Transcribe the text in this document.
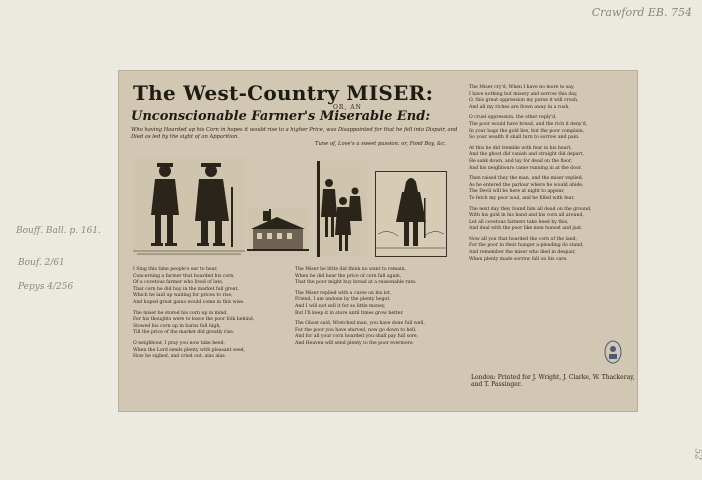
Crawford EB. 754
Bouff. Ball. p. 161.
Bouf. 2/61
Pepys 4/256
52
The West-Country MISER:
OR, AN
Unconscionable Farmer's Miserable End:
Who having Hoarded up his Corn in hopes it would rise to a higher Price, was Disappointed for that he fell into Dispair, and Died as led by the sight of an Apparition.
Tune of, Love's a sweet passion: or, Fond Boy, &c.

I Sing this time people's ear to hear,
Concerning a farmer that hoarded his corn,
Of a covetous farmer who lived of late,
That corn he did buy in the market full great,
Which he laid up waiting for prices to rise,
And hoped great gains would come in this wise.

The miser he stored his corn up in mind,
For his thoughts were to leave the poor folk behind,
Stowed his corn up in barns full high,
Till the price of the market did greatly rise.

O neighbour, I pray you now take heed,
When the Lord sends plenty with pleasant seed,
How he sighed, and cried out, alas alas.

The Miser he little did think no want to remain,
When he did hear the price of corn fall again,
That the poor might buy bread at a reasonable rate.

The Miser replied with a curse on his lot,
Friend, I am undone by the plenty begot,
And I will not sell it for so little money,
But I'll keep it in store until times grow better.

The Ghost said, Wretched man, you have done full well,
For the poor you have starved, now go down to hell,
And for all your corn hoarded you shall pay full sore,
And Heaven will send plenty to the poor evermore.

The Miser cry'd, When I have no more to say,
I have nothing but misery and sorrow this day,
O, this great oppression my purse it will crush,
And all my riches are flown away in a rush.

O cruel oppression, the other reply'd,
The poor would have bread, and the rich it deny'd,
In your bags the gold lies, but the poor complain,
So your wealth it shall turn to sorrow and pain.

At this he did tremble with fear in his heart,
And the ghost did vanish and straight did depart,
He sank down, and lay for dead on the floor,
And his neighbours came running in at the door.

Then raised they the man, and the miser replied,
As he entered the parlour where he would abide,
The Devil will be here at night to appear,
To fetch my poor soul, and he filled with fear.

The next day they found him all dead on the ground,
With his gold in his hand and his corn all around,
Let all covetous farmers take heed by this,
And deal with the poor like men honest and just.

Now all you that hoarded the corn of the land,
For the poor in their hunger a-pleading do stand,
And remember the miser who died in despair,
When plenty made sorrow fall on his care.

London: Printed for J. Wright, J. Clarke, W. Thackeray, and T. Passinger.
